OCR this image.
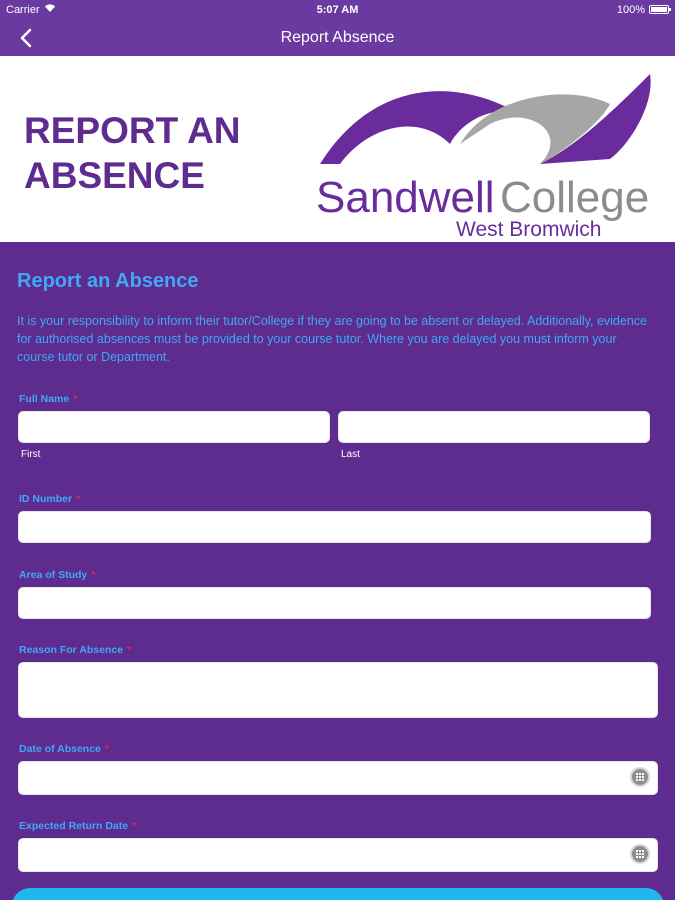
Carrier	5:07 AM	100%
Report Absence
REPORT AN ABSENCE	Sandwell College
West Bromwich
Report an Absence
It is your responsibility to inform their tutor/College if they are going to be absent or delayed. Additionally, evidence for authorised absences must be provided to your course tutor. Where you are delayed you must inform your course tutor or Department.
Full Name *
First	Last
ID Number *
Area of Study *
Reason For Absence *
Date of Absence *
Expected Return Date *
